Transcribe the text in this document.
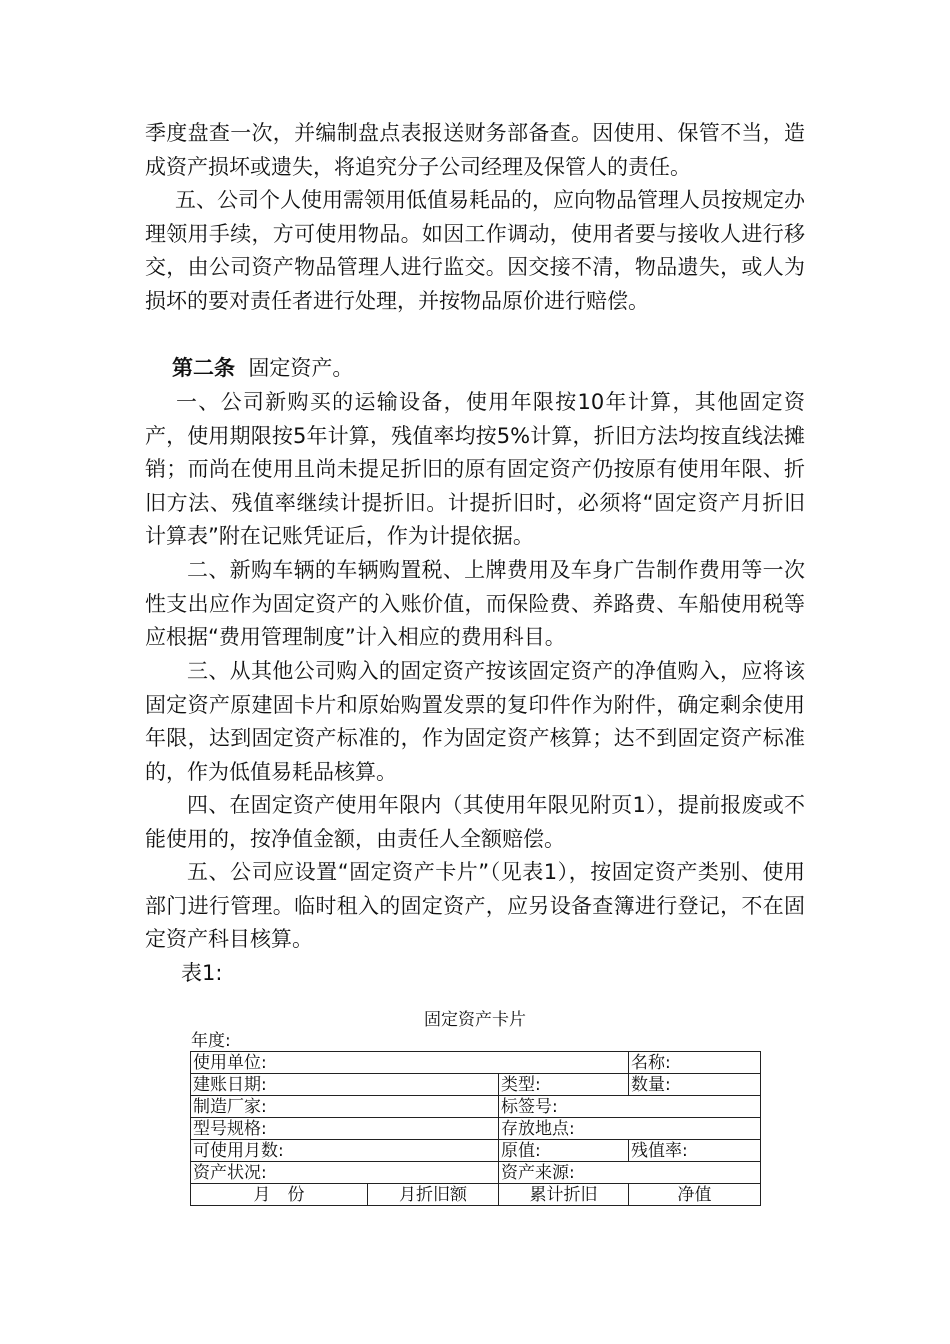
季度盘查一次，并编制盘点表报送财务部备查。因使用、保管不当，造成资产损坏或遗失，将追究分子公司经理及保管人的责任。

五、公司个人使用需领用低值易耗品的，应向物品管理人员按规定办理领用手续，方可使用物品。如因工作调动，使用者要与接收人进行移交，由公司资产物品管理人进行监交。因交接不清，物品遗失，或人为损坏的要对责任者进行处理，并按物品原价进行赔偿。

第二条 固定资产。

一、公司新购买的运输设备，使用年限按10年计算，其他固定资产，使用期限按5年计算，残值率均按5%计算，折旧方法均按直线法摊销；而尚在使用且尚未提足折旧的原有固定资产仍按原有使用年限、折旧方法、残值率继续计提折旧。计提折旧时，必须将“固定资产月折旧计算表”附在记账凭证后，作为计提依据。

二、新购车辆的车辆购置税、上牌费用及车身广告制作费用等一次性支出应作为固定资产的入账价值，而保险费、养路费、车船使用税等应根据“费用管理制度”计入相应的费用科目。

三、从其他公司购入的固定资产按该固定资产的净值购入，应将该固定资产原建固卡片和原始购置发票的复印件作为附件，确定剩余使用年限，达到固定资产标准的，作为固定资产核算；达不到固定资产标准的，作为低值易耗品核算。

四、在固定资产使用年限内（其使用年限见附页1），提前报废或不能使用的，按净值金额，由责任人全额赔偿。

五、公司应设置“固定资产卡片”（见表1），按固定资产类别、使用部门进行管理。临时租入的固定资产，应另设备查簿进行登记，不在固定资产科目核算。

表1:

固定资产卡片
年度:
使用单位:			名称:
建账日期:		类型:	数量:
制造厂家:		标签号:	
型号规格:		存放地点:	
可使用月数:		原值:	残值率:
资产状况:		资产来源:	
月　份	月折旧额	累计折旧	净值
